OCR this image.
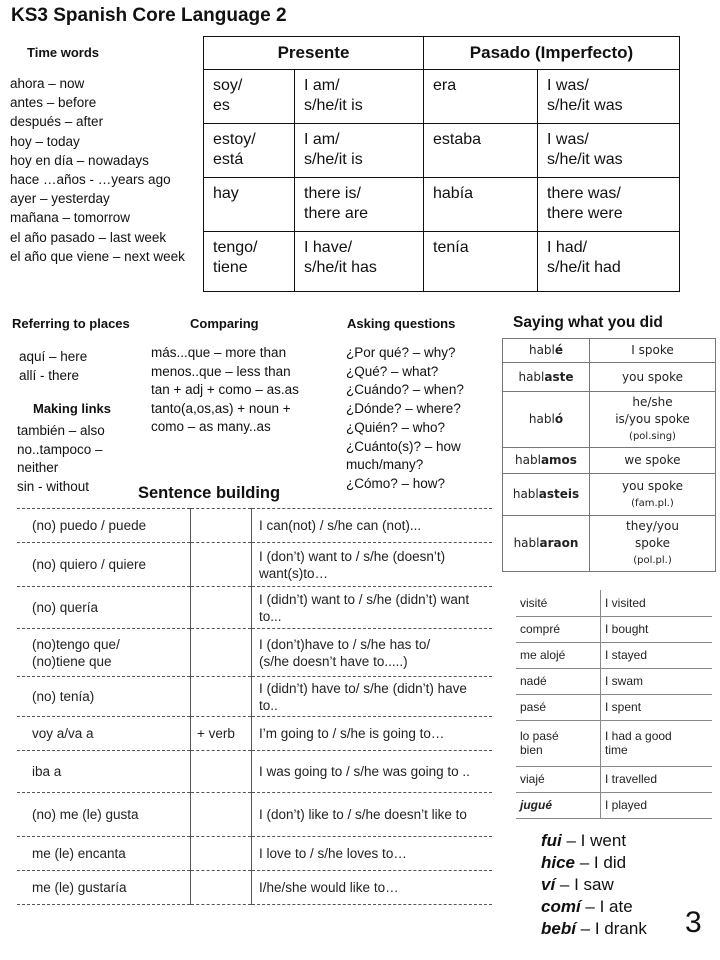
KS3 Spanish Core Language 2
Time words
ahora – now
antes – before
después – after
hoy – today
hoy en día – nowadays
hace …años - …years ago
ayer – yesterday
mañana – tomorrow
el año pasado – last week
el año que viene – next week
Presente		Pasado (Imperfecto)	
soy/
es	I am/
s/he/it is	era	I was/
s/he/it was
estoy/
está	I am/
s/he/it is	estaba	I was/
s/he/it was
hay	there is/
there are	había	there was/
there were
tengo/
tiene	I have/
s/he/it has	tenía	I had/
s/he/it had
Referring to places	Comparing	Asking questions	Saying what you did
aquí – here
allí - there
Making links
también – also
no..tampoco –
neither
sin - without
más...que – more than
menos..que – less than
tan + adj + como – as.as
tanto(a,os,as) + noun +
como – as many..as
¿Por qué? – why?
¿Qué? – what?
¿Cuándo? – when?
¿Dónde? – where?
¿Quién? – who?
¿Cuánto(s)? – how
much/many?
¿Cómo? – how?
hablé	I spoke

hablaste	you spoke

habló	he/she
is/you spoke
(pol.sing)

hablamos	we spoke

hablasteis	you spoke
(fam.pl.)

hablaraon	they/you
spoke
(pol.pl.)
visité	I visited
compré	I bought
me alojé	I stayed
nadé	I swam
pasé	I spent
lo pasé
bien	I had a good
time
viajé	I travelled
jugué	I played
Sentence building
(no) puedo / puede		I can(not) / s/he can (not)...
(no) quiero / quiere		I (don’t) want to / s/he (doesn’t) want(s)to…
(no) quería		I (didn’t) want to / s/he (didn’t) want to...
(no)tengo que/
(no)tiene que		I (don’t)have to / s/he has to/
(s/he doesn’t have to.....)
(no) tenía)		I (didn’t) have to/ s/he (didn’t) have to..
voy a/va a	+ verb	I’m going to / s/he is going to…
iba a		I was going to / s/he was going to ..
(no) me (le) gusta		I (don’t) like to / s/he doesn’t like to
me (le) encanta		I love to / s/he loves to…
me (le) gustaría		I/he/she would like to…
fui – I went
hice – I did
ví – I saw
comí – I ate
bebí – I drank 3
